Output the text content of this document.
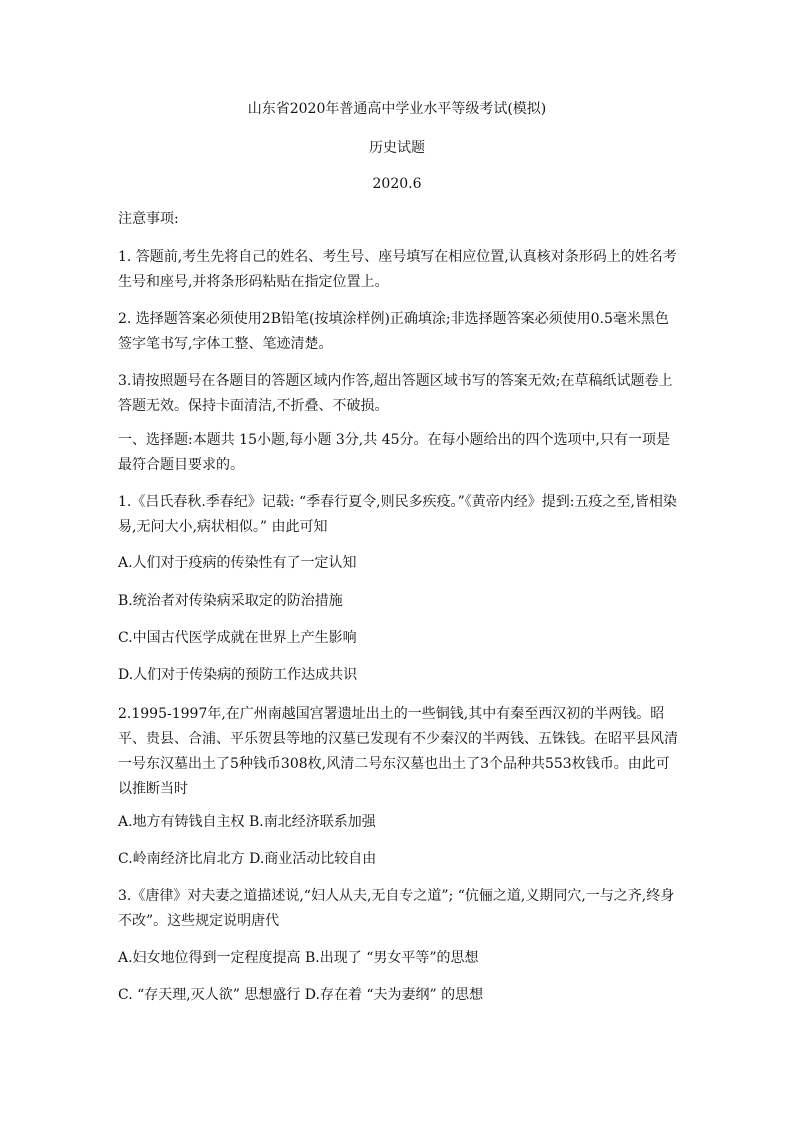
山东省2020年普通高中学业水平等级考试(模拟)
历史试题
2020.6
注意事项:
1. 答题前,考生先将自己的姓名、考生号、座号填写在相应位置,认真核对条形码上的姓名考生号和座号,并将条形码粘贴在指定位置上。
2. 选择题答案必须使用2B铅笔(按填涂样例)正确填涂;非选择题答案必须使用0.5毫米黑色签字笔书写,字体工整、笔迹清楚。
3.请按照题号在各题目的答题区域内作答,超出答题区域书写的答案无效;在草稿纸试题卷上答题无效。保持卡面清洁,不折叠、不破损。
一、选择题:本题共 15小题,每小题 3分,共 45分。在每小题给出的四个选项中,只有一项是最符合题目要求的。
1.《吕氏春秋.季春纪》记载: “季春行夏令,则民多疾疫。”《黄帝内经》提到:五疫之至,皆相染易,无问大小,病状相似。” 由此可知
A.人们对于疫病的传染性有了一定认知
B.统治者对传染病采取定的防治措施
C.中国古代医学成就在世界上产生影响
D.人们对于传染病的预防工作达成共识
2.1995-1997年,在广州南越国宫署遗址出土的一些铜钱,其中有秦至西汉初的半两钱。昭平、贵县、合浦、平乐贺县等地的汉墓已发现有不少秦汉的半两钱、五铢钱。在昭平县风清一号东汉墓出土了5种钱币308枚,风清二号东汉墓也出土了3个品种共553枚钱币。由此可以推断当时
A.地方有铸钱自主权 B.南北经济联系加强
C.岭南经济比肩北方 D.商业活动比较自由
3.《唐律》对夫妻之道描述说,“妇人从夫,无自专之道”; “伉俪之道,义期同穴,一与之齐,终身不改”。这些规定说明唐代
A.妇女地位得到一定程度提高 B.出现了 “男女平等”的思想
C. “存天理,灭人欲” 思想盛行 D.存在着 “夫为妻纲” 的思想
